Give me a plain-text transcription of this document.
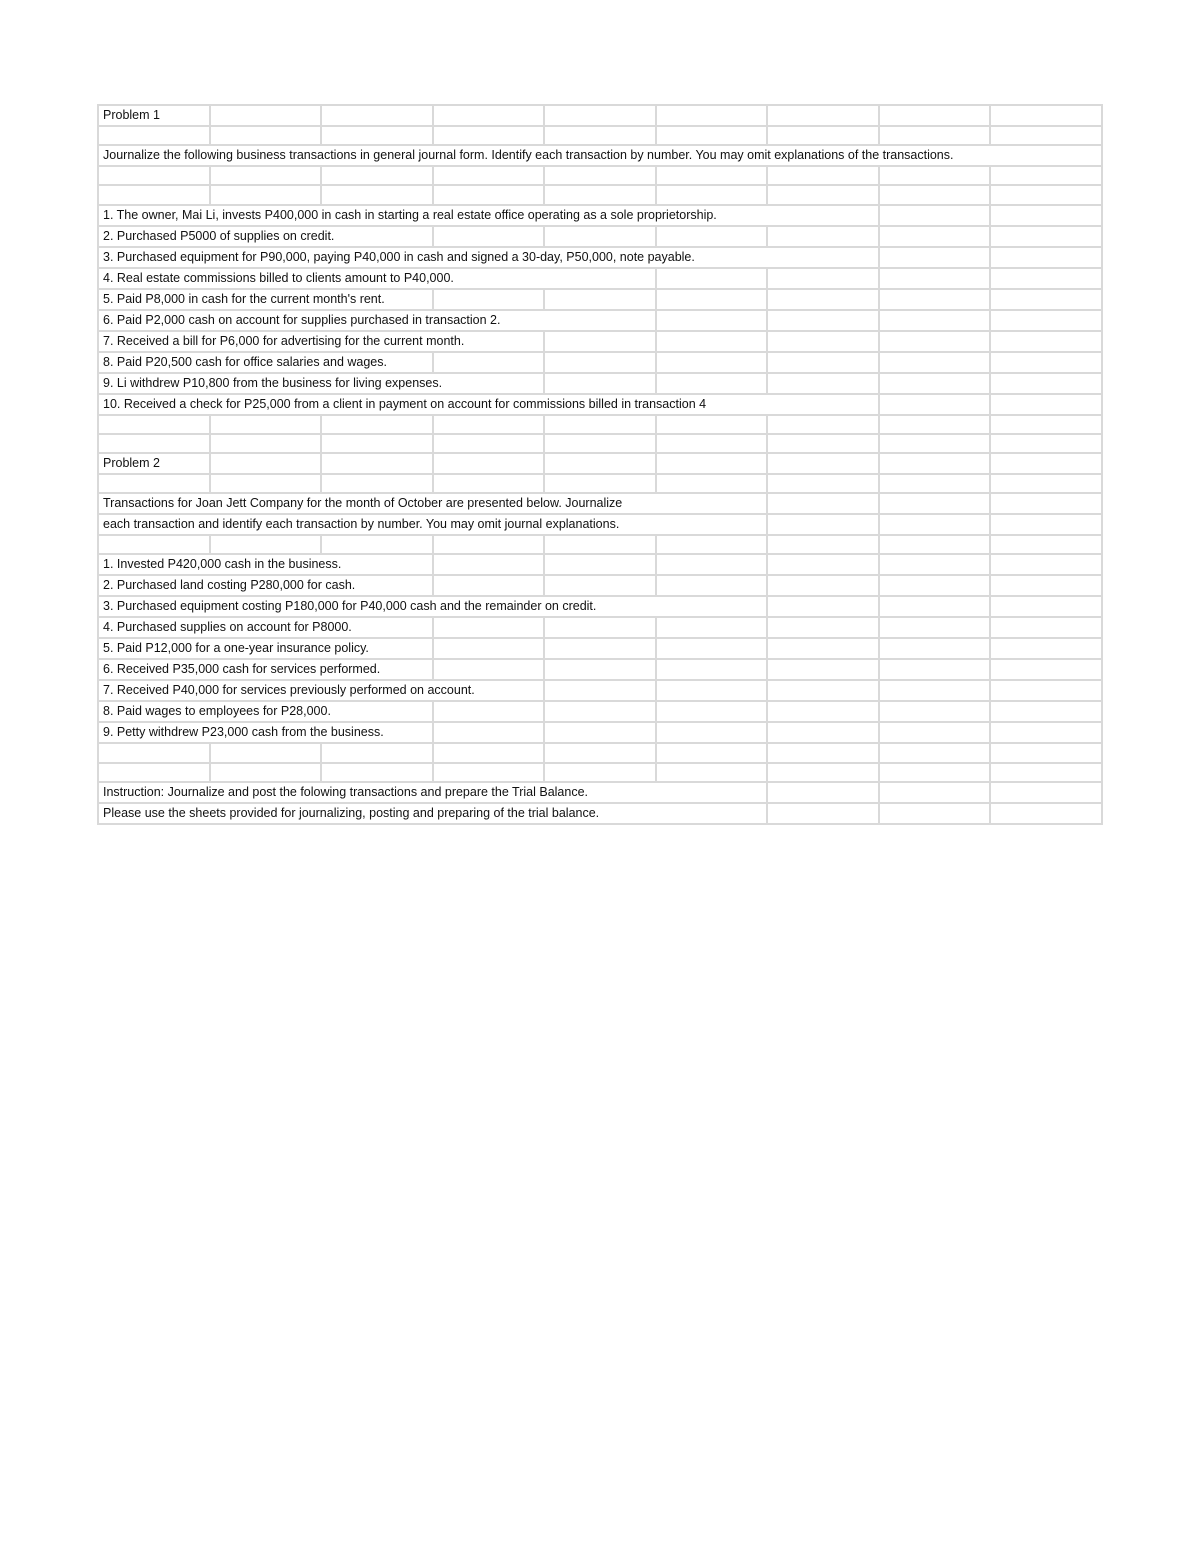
Problem 1								

Journalize the following business transactions in general journal form. Identify each transaction by number. You may omit explanations of the transactions.								

1. The owner, Mai Li, invests P400,000 in cash in starting a real estate office operating as a sole proprietorship.								
2. Purchased P5000 of supplies on credit.								
3. Purchased equipment for P90,000, paying P40,000 in cash and signed a 30-day, P50,000, note payable.								
4. Real estate commissions billed to clients amount to P40,000.								
5. Paid P8,000 in cash for the current month's rent.								
6. Paid P2,000 cash on account for supplies purchased in transaction 2.								
7. Received a bill for P6,000 for advertising for the current month.								
8. Paid P20,500 cash for office salaries and wages.								
9. Li withdrew P10,800 from the business for living expenses.								
10. Received a check for P25,000 from a client in payment on account for commissions billed in transaction 4								

Problem 2								

Transactions for Joan Jett Company for the month of October are presented below. Journalize								
each transaction and identify each transaction by number. You may omit journal explanations.								

1. Invested P420,000 cash in the business.								
2. Purchased land costing P280,000 for cash.								
3. Purchased equipment costing P180,000 for P40,000 cash and the remainder on credit.								
4. Purchased supplies on account for P8000.								
5. Paid P12,000 for a one-year insurance policy.								
6. Received P35,000 cash for services performed.								
7. Received P40,000 for services previously performed on account.								
8. Paid wages to employees for P28,000.								
9. Petty withdrew P23,000 cash from the business.								

Instruction: Journalize and post the folowing transactions and prepare the Trial Balance.								
Please use the sheets provided for journalizing, posting and preparing of the trial balance.								
